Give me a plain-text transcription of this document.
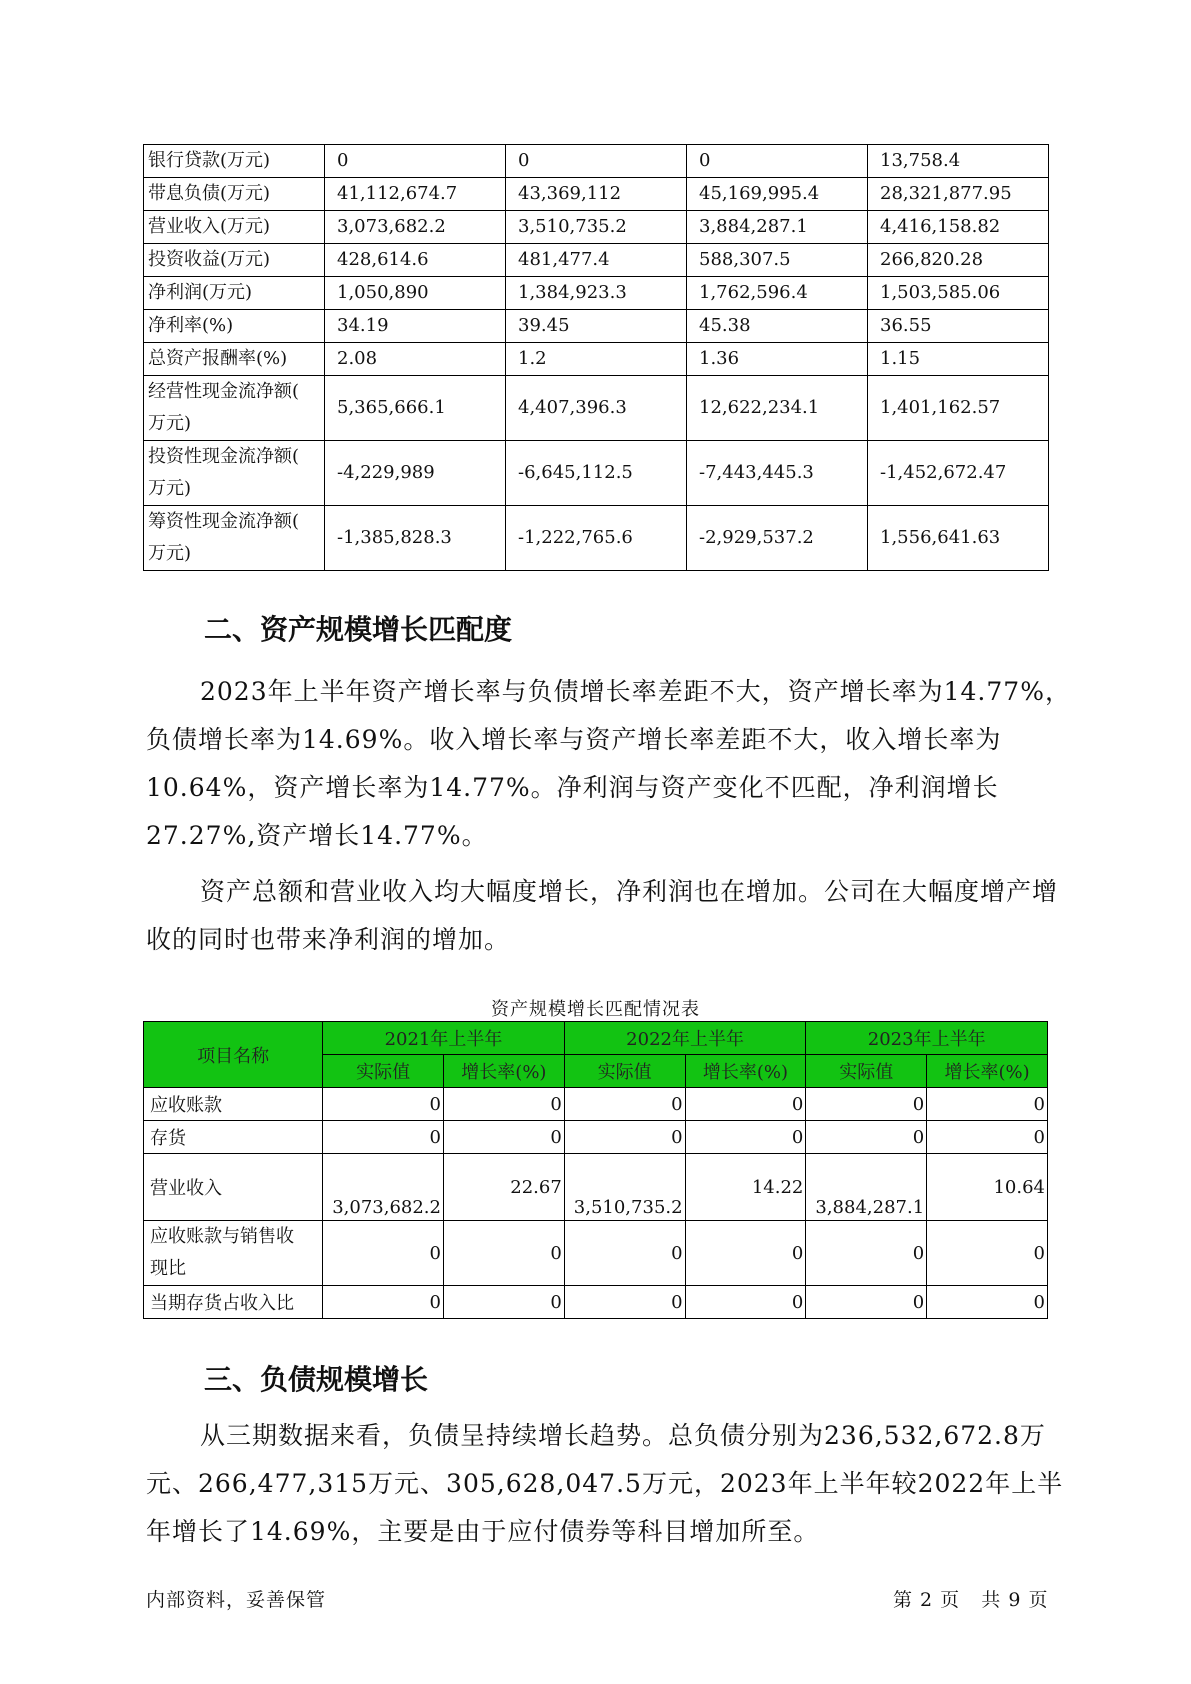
银行贷款(万元)	0	0	0	13,758.4
带息负债(万元)	41,112,674.7	43,369,112	45,169,995.4	28,321,877.95
营业收入(万元)	3,073,682.2	3,510,735.2	3,884,287.1	4,416,158.82
投资收益(万元)	428,614.6	481,477.4	588,307.5	266,820.28
净利润(万元)	1,050,890	1,384,923.3	1,762,596.4	1,503,585.06
净利率(%)	34.19	39.45	45.38	36.55
总资产报酬率(%)	2.08	1.2	1.36	1.15
经营性现金流净额(
万元)	5,365,666.1	4,407,396.3	12,622,234.1	1,401,162.57
投资性现金流净额(
万元)	-4,229,989	-6,645,112.5	-7,443,445.3	-1,452,672.47
筹资性现金流净额(
万元)	-1,385,828.3	-1,222,765.6	-2,929,537.2	1,556,641.63
二、资产规模增长匹配度

2023年上半年资产增长率与负债增长率差距不大，资产增长率为14.77%，负债增长率为14.69%。收入增长率与资产增长率差距不大，收入增长率为10.64%，资产增长率为14.77%。净利润与资产变化不匹配，净利润增长27.27%,资产增长14.77%。

资产总额和营业收入均大幅度增长，净利润也在增加。公司在大幅度增产增收的同时也带来净利润的增加。

资产规模增长匹配情况表
项目名称	2021年上半年		2022年上半年		2023年上半年	
	实际值	增长率(%)	实际值	增长率(%)	实际值	增长率(%)
应收账款	0	0	0	0	0	0
存货	0	0	0	0	0	0
营业收入	3,073,682.2	22.67	3,510,735.2	14.22	3,884,287.1	10.64
应收账款与销售收
现比	0	0	0	0	0	0
当期存货占收入比	0	0	0	0	0	0
三、负债规模增长

从三期数据来看，负债呈持续增长趋势。总负债分别为236,532,672.8万元、266,477,315万元、305,628,047.5万元，2023年上半年较2022年上半年增长了14.69%，主要是由于应付债券等科目增加所至。

内部资料，妥善保管	第 2 页   共 9 页
